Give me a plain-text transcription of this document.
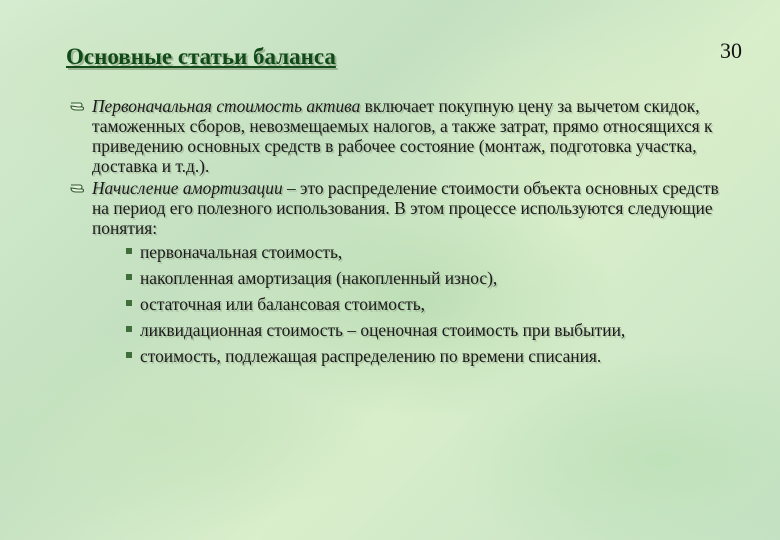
30
Основные статьи баланса
Первоначальная стоимость актива включает покупную цену за вычетом скидок, таможенных сборов, невозмещаемых налогов, а также затрат, прямо относящихся к приведению основных средств в рабочее состояние (монтаж, подготовка участка, доставка и т.д.).
Начисление амортизации – это распределение стоимости объекта основных средств на период его полезного использования. В этом процессе используются следующие понятия:
первоначальная стоимость,
накопленная амортизация (накопленный износ),
остаточная или балансовая стоимость,
ликвидационная стоимость – оценочная стоимость при выбытии,
стоимость, подлежащая распределению по времени списания.
